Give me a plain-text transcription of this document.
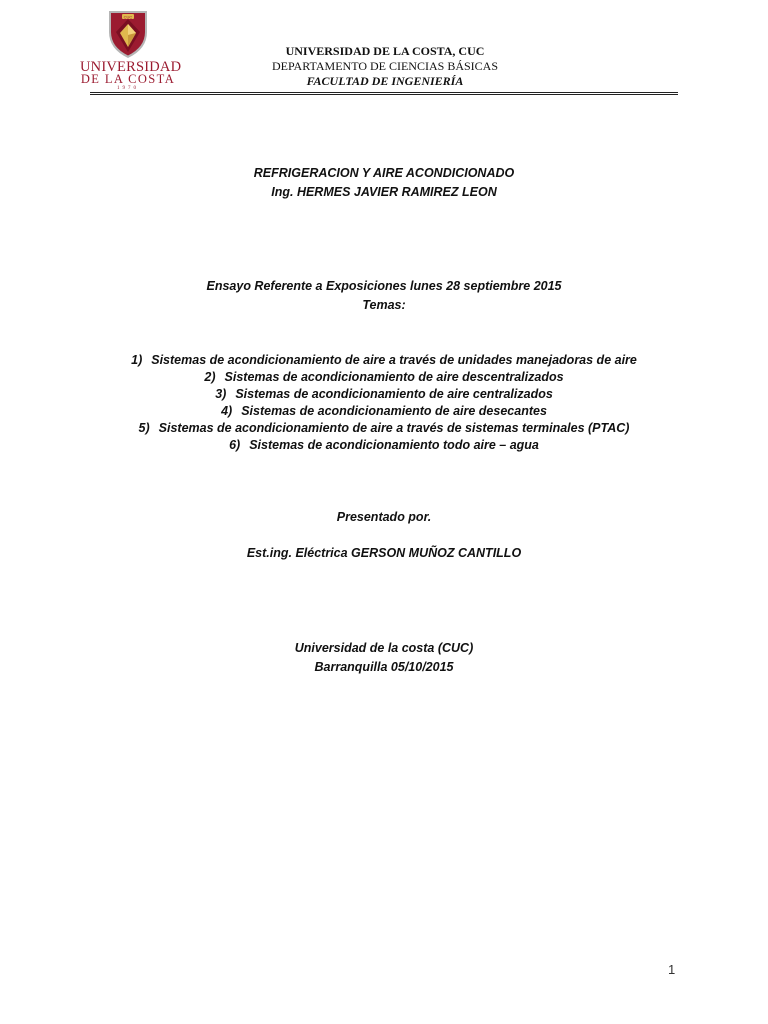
CUC
UNIVERSIDAD
DE LA COSTA
1970
UNIVERSIDAD DE LA COSTA, CUC
DEPARTAMENTO DE CIENCIAS BÁSICAS
FACULTAD DE INGENIERÍA
REFRIGERACION Y AIRE ACONDICIONADO
Ing. HERMES JAVIER RAMIREZ LEON
Ensayo Referente a Exposiciones lunes 28 septiembre 2015
Temas:
1) Sistemas de acondicionamiento de aire a través de unidades manejadoras de aire
2) Sistemas de acondicionamiento de aire descentralizados
3) Sistemas de acondicionamiento de aire centralizados
4) Sistemas de acondicionamiento de aire desecantes
5) Sistemas de acondicionamiento de aire a través de sistemas terminales (PTAC)
6) Sistemas de acondicionamiento todo aire – agua
Presentado por.
Est.ing. Eléctrica GERSON MUÑOZ CANTILLO
Universidad de la costa (CUC)
Barranquilla 05/10/2015
1
